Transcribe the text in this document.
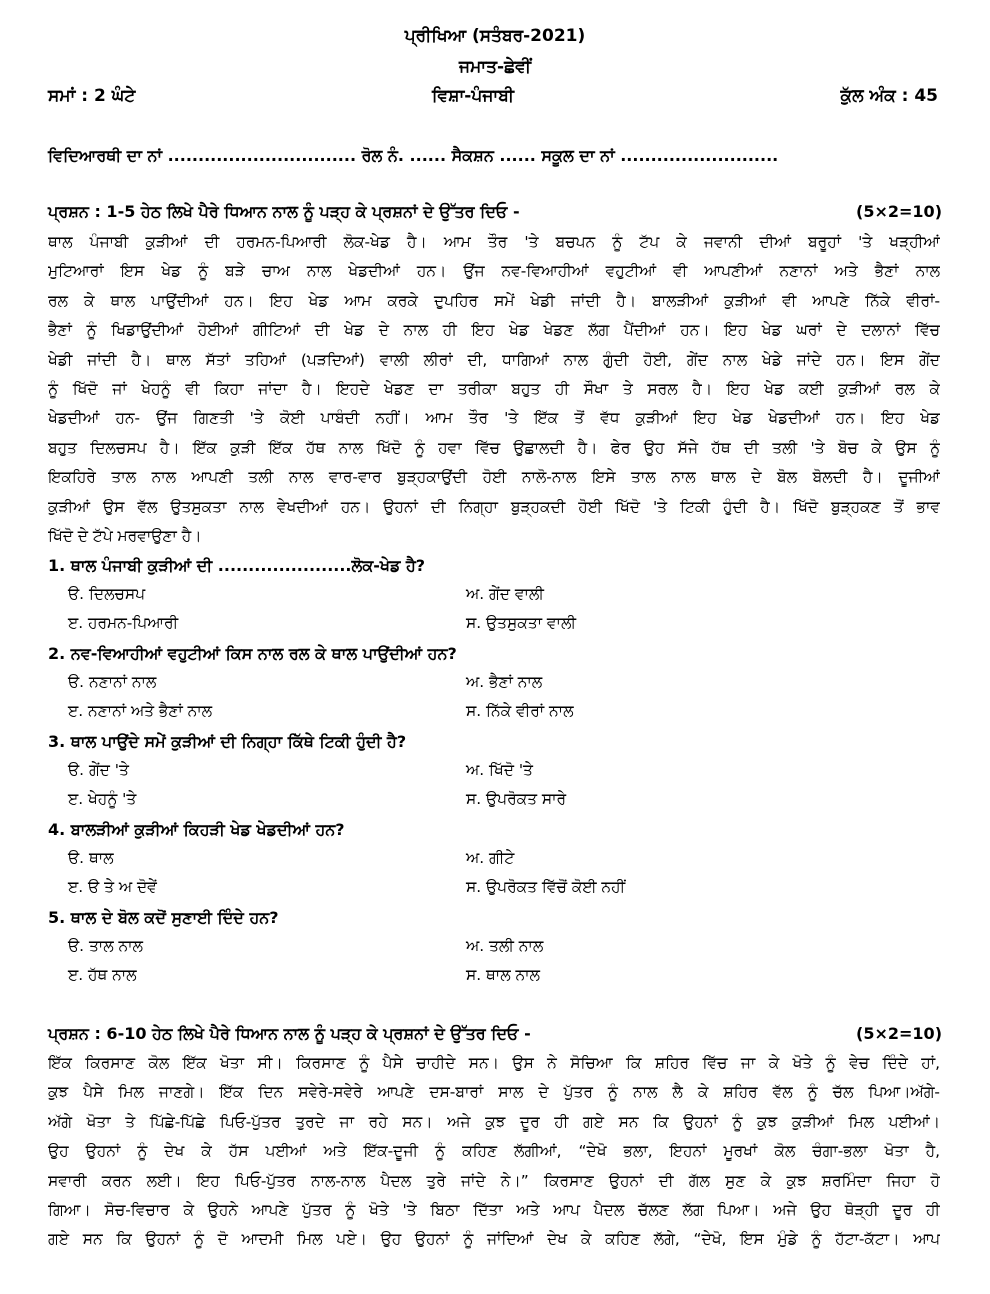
ਪ੍ਰੀਖਿਆ (ਸਤੰਬਰ-2021)
ਜਮਾਤ-ਛੇਵੀਂ
ਸਮਾਂ : 2 ਘੰਟੇ	ਵਿਸ਼ਾ-ਪੰਜਾਬੀ	ਕੁੱਲ ਅੰਕ : 45
ਵਿਦਿਆਰਥੀ ਦਾ ਨਾਂ ............................... ਰੋਲ ਨੰ. ...... ਸੈਕਸ਼ਨ ...... ਸਕੂਲ ਦਾ ਨਾਂ ..........................
ਪ੍ਰਸ਼ਨ : 1-5 ਹੇਠ ਲਿਖੇ ਪੈਰੇ ਧਿਆਨ ਨਾਲ ਨੂੰ ਪੜ੍ਹ ਕੇ ਪ੍ਰਸ਼ਨਾਂ ਦੇ ਉੱਤਰ ਦਿਓ -	(5×2=10)
ਥਾਲ ਪੰਜਾਬੀ ਕੁੜੀਆਂ ਦੀ ਹਰਮਨ-ਪਿਆਰੀ ਲੋਕ-ਖੇਡ ਹੈ। ਆਮ ਤੌਰ 'ਤੇ ਬਚਪਨ ਨੂੰ ਟੱਪ ਕੇ ਜਵਾਨੀ ਦੀਆਂ ਬਰੂਹਾਂ 'ਤੇ ਖੜ੍ਹੀਆਂ
ਮੁਟਿਆਰਾਂ ਇਸ ਖੇਡ ਨੂੰ ਬੜੇ ਚਾਅ ਨਾਲ ਖੇਡਦੀਆਂ ਹਨ। ਉਂਜ ਨਵ-ਵਿਆਹੀਆਂ ਵਹੁਟੀਆਂ ਵੀ ਆਪਣੀਆਂ ਨਣਾਨਾਂ ਅਤੇ ਭੈਣਾਂ ਨਾਲ
ਰਲ ਕੇ ਥਾਲ ਪਾਉਂਦੀਆਂ ਹਨ। ਇਹ ਖੇਡ ਆਮ ਕਰਕੇ ਦੁਪਹਿਰ ਸਮੇਂ ਖੇਡੀ ਜਾਂਦੀ ਹੈ। ਬਾਲੜੀਆਂ ਕੁੜੀਆਂ ਵੀ ਆਪਣੇ ਨਿੱਕੇ ਵੀਰਾਂ-
ਭੈਣਾਂ ਨੂੰ ਖਿਡਾਉਂਦੀਆਂ ਹੋਈਆਂ ਗੀਟਿਆਂ ਦੀ ਖੇਡ ਦੇ ਨਾਲ ਹੀ ਇਹ ਖੇਡ ਖੇਡਣ ਲੱਗ ਪੈਂਦੀਆਂ ਹਨ। ਇਹ ਖੇਡ ਘਰਾਂ ਦੇ ਦਲਾਨਾਂ ਵਿੱਚ
ਖੇਡੀ ਜਾਂਦੀ ਹੈ। ਥਾਲ ਸੱਤਾਂ ਤਹਿਆਂ (ਪੜਦਿਆਂ) ਵਾਲੀ ਲੀਰਾਂ ਦੀ, ਧਾਗਿਆਂ ਨਾਲ ਗੁੰਦੀ ਹੋਈ, ਗੇਂਦ ਨਾਲ ਖੇਡੇ ਜਾਂਦੇ ਹਨ। ਇਸ ਗੇਂਦ
ਨੂੰ ਖਿੱਦੋ ਜਾਂ ਖੇਹਨੂੰ ਵੀ ਕਿਹਾ ਜਾਂਦਾ ਹੈ। ਇਹਦੇ ਖੇਡਣ ਦਾ ਤਰੀਕਾ ਬਹੁਤ ਹੀ ਸੌਖਾ ਤੇ ਸਰਲ ਹੈ। ਇਹ ਖੇਡ ਕਈ ਕੁੜੀਆਂ ਰਲ ਕੇ
ਖੇਡਦੀਆਂ ਹਨ- ਉਂਜ ਗਿਣਤੀ 'ਤੇ ਕੋਈ ਪਾਬੰਦੀ ਨਹੀਂ। ਆਮ ਤੌਰ 'ਤੇ ਇੱਕ ਤੋਂ ਵੱਧ ਕੁੜੀਆਂ ਇਹ ਖੇਡ ਖੇਡਦੀਆਂ ਹਨ। ਇਹ ਖੇਡ
ਬਹੁਤ ਦਿਲਚਸਪ ਹੈ। ਇੱਕ ਕੁੜੀ ਇੱਕ ਹੱਥ ਨਾਲ ਖਿੱਦੋ ਨੂੰ ਹਵਾ ਵਿੱਚ ਉਛਾਲਦੀ ਹੈ। ਫੇਰ ਉਹ ਸੱਜੇ ਹੱਥ ਦੀ ਤਲੀ 'ਤੇ ਬੋਚ ਕੇ ਉਸ ਨੂੰ
ਇਕਹਿਰੇ ਤਾਲ ਨਾਲ ਆਪਣੀ ਤਲੀ ਨਾਲ ਵਾਰ-ਵਾਰ ਬੁੜ੍ਹਕਾਉਂਦੀ ਹੋਈ ਨਾਲੋ-ਨਾਲ ਇਸੇ ਤਾਲ ਨਾਲ ਥਾਲ ਦੇ ਬੋਲ ਬੋਲਦੀ ਹੈ। ਦੂਜੀਆਂ
ਕੁੜੀਆਂ ਉਸ ਵੱਲ ਉਤਸੁਕਤਾ ਨਾਲ ਵੇਖਦੀਆਂ ਹਨ। ਉਹਨਾਂ ਦੀ ਨਿਗ੍ਹਾ ਬੁੜ੍ਹਕਦੀ ਹੋਈ ਖਿੱਦੋ 'ਤੇ ਟਿਕੀ ਹੁੰਦੀ ਹੈ। ਖਿੱਦੋ ਬੁੜ੍ਹਕਣ ਤੋਂ ਭਾਵ
ਖਿੱਦੋ ਦੇ ਟੱਪੇ ਮਰਵਾਉਣਾ ਹੈ।
1. ਥਾਲ ਪੰਜਾਬੀ ਕੁੜੀਆਂ ਦੀ ......................ਲੋਕ-ਖੇਡ ਹੈ?
ੳ. ਦਿਲਚਸਪ	ਅ. ਗੇਂਦ ਵਾਲੀ
ੲ. ਹਰਮਨ-ਪਿਆਰੀ	ਸ. ਉਤਸੁਕਤਾ ਵਾਲੀ
2. ਨਵ-ਵਿਆਹੀਆਂ ਵਹੁਟੀਆਂ ਕਿਸ ਨਾਲ ਰਲ ਕੇ ਥਾਲ ਪਾਉਂਦੀਆਂ ਹਨ?
ੳ. ਨਣਾਨਾਂ ਨਾਲ	ਅ. ਭੈਣਾਂ ਨਾਲ
ੲ. ਨਣਾਨਾਂ ਅਤੇ ਭੈਣਾਂ ਨਾਲ	ਸ. ਨਿੱਕੇ ਵੀਰਾਂ ਨਾਲ
3. ਥਾਲ ਪਾਉਂਦੇ ਸਮੇਂ ਕੁੜੀਆਂ ਦੀ ਨਿਗ੍ਹਾ ਕਿੱਥੇ ਟਿਕੀ ਹੁੰਦੀ ਹੈ?
ੳ. ਗੇਂਦ 'ਤੇ	ਅ. ਖਿੱਦੋ 'ਤੇ
ੲ. ਖੇਹਨੂੰ 'ਤੇ	ਸ. ਉਪਰੋਕਤ ਸਾਰੇ
4. ਬਾਲੜੀਆਂ ਕੁੜੀਆਂ ਕਿਹੜੀ ਖੇਡ ਖੇਡਦੀਆਂ ਹਨ?
ੳ. ਥਾਲ	ਅ. ਗੀਟੇ
ੲ. ੳ ਤੇ ਅ ਦੋਵੇਂ	ਸ. ਉਪਰੋਕਤ ਵਿੱਚੋਂ ਕੋਈ ਨਹੀਂ
5. ਥਾਲ ਦੇ ਬੋਲ ਕਦੋਂ ਸੁਣਾਈ ਦਿੰਦੇ ਹਨ?
ੳ. ਤਾਲ ਨਾਲ	ਅ. ਤਲੀ ਨਾਲ
ੲ. ਹੱਥ ਨਾਲ	ਸ. ਥਾਲ ਨਾਲ
ਪ੍ਰਸ਼ਨ : 6-10 ਹੇਠ ਲਿਖੇ ਪੈਰੇ ਧਿਆਨ ਨਾਲ ਨੂੰ ਪੜ੍ਹ ਕੇ ਪ੍ਰਸ਼ਨਾਂ ਦੇ ਉੱਤਰ ਦਿਓ -	(5×2=10)
ਇੱਕ ਕਿਰਸਾਣ ਕੋਲ ਇੱਕ ਖੋਤਾ ਸੀ। ਕਿਰਸਾਣ ਨੂੰ ਪੈਸੇ ਚਾਹੀਦੇ ਸਨ। ਉਸ ਨੇ ਸੋਚਿਆ ਕਿ ਸ਼ਹਿਰ ਵਿੱਚ ਜਾ ਕੇ ਖੋਤੇ ਨੂੰ ਵੇਚ ਦਿੰਦੇ ਹਾਂ,
ਕੁਝ ਪੈਸੇ ਮਿਲ ਜਾਣਗੇ। ਇੱਕ ਦਿਨ ਸਵੇਰੇ-ਸਵੇਰੇ ਆਪਣੇ ਦਸ-ਬਾਰਾਂ ਸਾਲ ਦੇ ਪੁੱਤਰ ਨੂੰ ਨਾਲ ਲੈ ਕੇ ਸ਼ਹਿਰ ਵੱਲ ਨੂੰ ਚੱਲ ਪਿਆ।ਅੱਗੇ-
ਅੱਗੇ ਖੋਤਾ ਤੇ ਪਿੱਛੇ-ਪਿੱਛੇ ਪਿਓ-ਪੁੱਤਰ ਤੁਰਦੇ ਜਾ ਰਹੇ ਸਨ। ਅਜੇ ਕੁਝ ਦੂਰ ਹੀ ਗਏ ਸਨ ਕਿ ਉਹਨਾਂ ਨੂੰ ਕੁਝ ਕੁੜੀਆਂ ਮਿਲ ਪਈਆਂ।
ਉਹ ਉਹਨਾਂ ਨੂੰ ਦੇਖ ਕੇ ਹੱਸ ਪਈਆਂ ਅਤੇ ਇੱਕ-ਦੂਜੀ ਨੂੰ ਕਹਿਣ ਲੱਗੀਆਂ, “ਦੇਖੋ ਭਲਾ, ਇਹਨਾਂ ਮੂਰਖਾਂ ਕੋਲ ਚੰਗਾ-ਭਲਾ ਖੋਤਾ ਹੈ,
ਸਵਾਰੀ ਕਰਨ ਲਈ। ਇਹ ਪਿਓ-ਪੁੱਤਰ ਨਾਲ-ਨਾਲ ਪੈਦਲ ਤੁਰੇ ਜਾਂਦੇ ਨੇ।” ਕਿਰਸਾਣ ਉਹਨਾਂ ਦੀ ਗੱਲ ਸੁਣ ਕੇ ਕੁਝ ਸ਼ਰਮਿੰਦਾ ਜਿਹਾ ਹੋ
ਗਿਆ। ਸੋਚ-ਵਿਚਾਰ ਕੇ ਉਹਨੇ ਆਪਣੇ ਪੁੱਤਰ ਨੂੰ ਖੋਤੇ 'ਤੇ ਬਿਠਾ ਦਿੱਤਾ ਅਤੇ ਆਪ ਪੈਦਲ ਚੱਲਣ ਲੱਗ ਪਿਆ। ਅਜੇ ਉਹ ਥੋੜ੍ਹੀ ਦੂਰ ਹੀ
ਗਏ ਸਨ ਕਿ ਉਹਨਾਂ ਨੂੰ ਦੋ ਆਦਮੀ ਮਿਲ ਪਏ। ਉਹ ਉਹਨਾਂ ਨੂੰ ਜਾਂਦਿਆਂ ਦੇਖ ਕੇ ਕਹਿਣ ਲੱਗੇ, “ਦੇਖੋ, ਇਸ ਮੁੰਡੇ ਨੂੰ ਹੱਟਾ-ਕੱਟਾ। ਆਪ
